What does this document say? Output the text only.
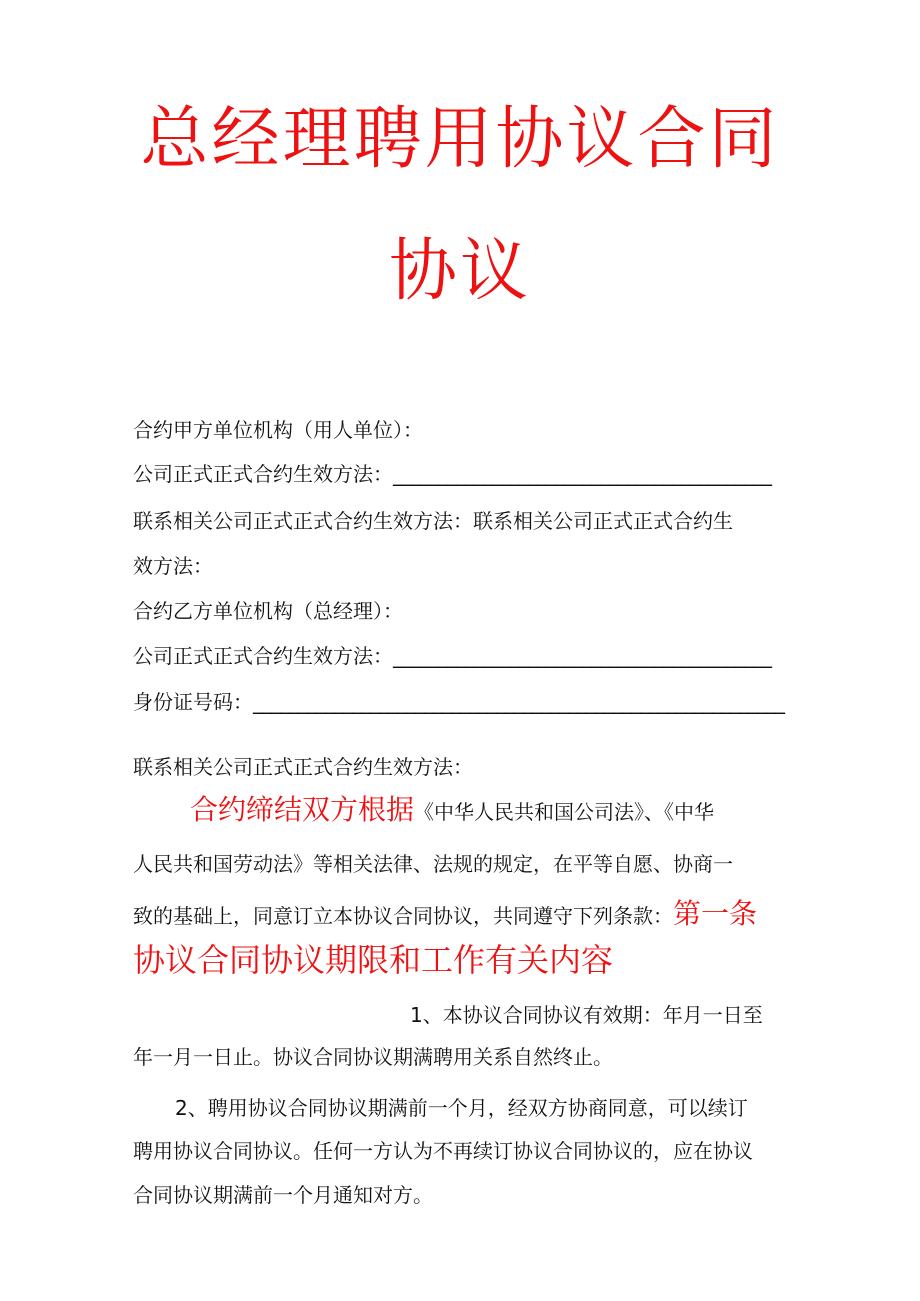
总经理聘用协议合同
协议
合约甲方单位机构（用人单位）：
公司正式正式合约生效方法：__________________________________________
联系相关公司正式正式合约生效方法：联系相关公司正式正式合约生
效方法：
合约乙方单位机构（总经理）：
公司正式正式合约生效方法：__________________________________________
身份证号码：___________________________________________________________
联系相关公司正式正式合约生效方法：
合约缔结双方根据《中华人民共和国公司法》、《中华
人民共和国劳动法》等相关法律、法规的规定，在平等自愿、协商一
致的基础上，同意订立本协议合同协议，共同遵守下列条款：第一条
协议合同协议期限和工作有关内容
1、本协议合同协议有效期：年月一日至
年一月一日止。协议合同协议期满聘用关系自然终止。
2、聘用协议合同协议期满前一个月，经双方协商同意，可以续订
聘用协议合同协议。任何一方认为不再续订协议合同协议的，应在协议
合同协议期满前一个月通知对方。
